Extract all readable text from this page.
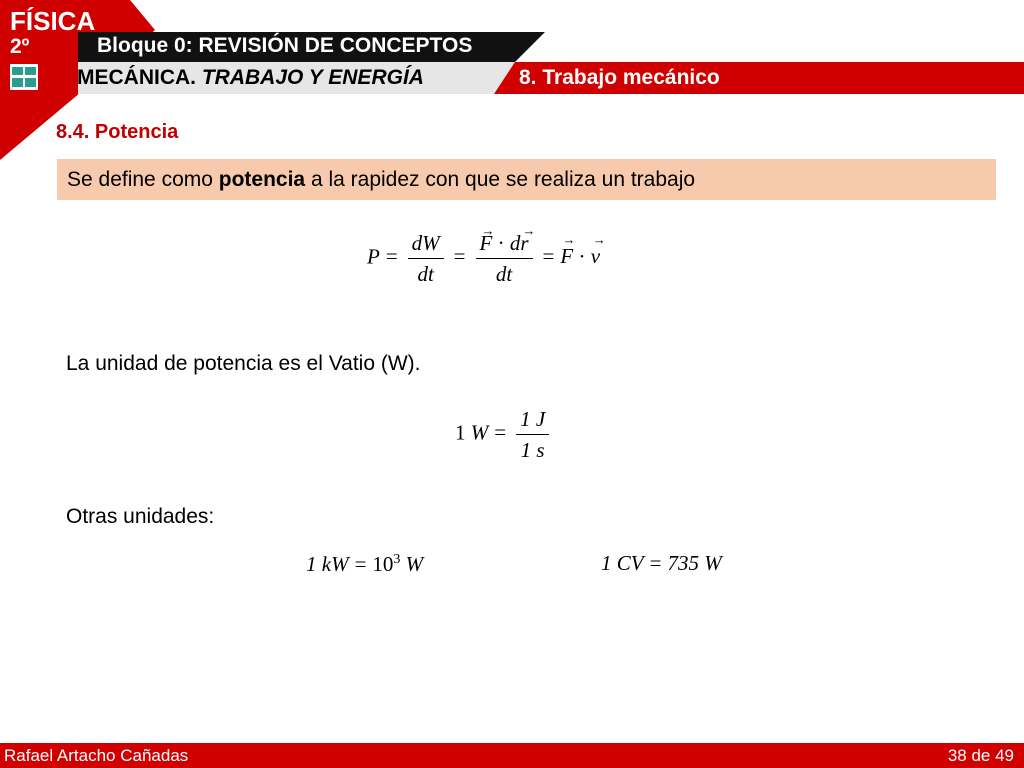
FÍSICA
2º	Bloque 0: REVISIÓN DE CONCEPTOS
MECÁNICA. TRABAJO Y ENERGÍA	8. Trabajo mecánico
8.4. Potencia
Se define como potencia a la rapidez con que se realiza un trabajo
$P = \frac{dW}{dt}$ =
→ $\frac{F \cdot d\to r}{dt} =\to F$ · → v
La unidad de potencia es el Vatio (W).
1 $W = \frac{1 J}{1 s}$
Otras unidades:
1 kW = $10^3$ W	1 CV = 735 W
Rafael Artacho Cañadas	38 de 49
